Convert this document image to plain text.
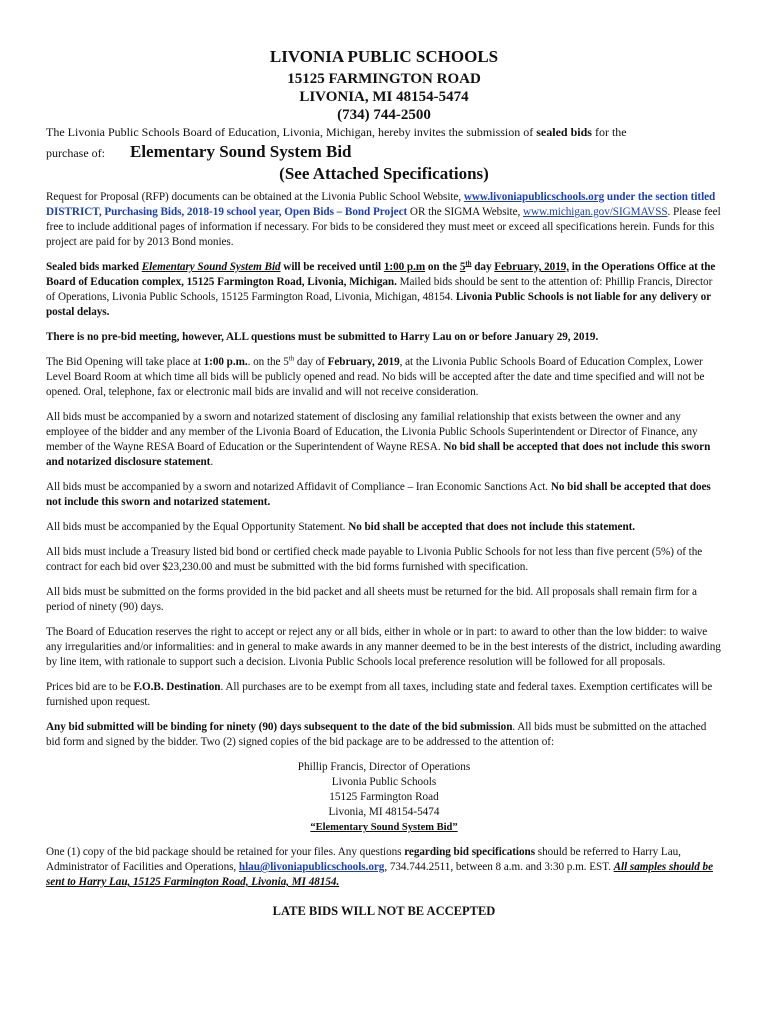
LIVONIA PUBLIC SCHOOLS
15125 FARMINGTON ROAD
LIVONIA, MI 48154-5474
(734) 744-2500

The Livonia Public Schools Board of Education, Livonia, Michigan, hereby invites the submission of sealed bids for the

purchase of:	Elementary Sound System Bid
(See Attached Specifications)

Request for Proposal (RFP) documents can be obtained at the Livonia Public School Website, www.livoniapublicschools.org under the section titled DISTRICT, Purchasing Bids, 2018-19 school year, Open Bids – Bond Project OR the SIGMA Website, www.michigan.gov/SIGMAVSS. Please feel free to include additional pages of information if necessary. For bids to be considered they must meet or exceed all specifications herein. Funds for this project are paid for by 2013 Bond monies.

Sealed bids marked Elementary Sound System Bid will be received until 1:00 p.m on the 5th day February, 2019, in the Operations Office at the Board of Education complex, 15125 Farmington Road, Livonia, Michigan. Mailed bids should be sent to the attention of: Phillip Francis, Director of Operations, Livonia Public Schools, 15125 Farmington Road, Livonia, Michigan, 48154. Livonia Public Schools is not liable for any delivery or postal delays.

There is no pre-bid meeting, however, ALL questions must be submitted to Harry Lau on or before January 29, 2019.

The Bid Opening will take place at 1:00 p.m.. on the 5th day of February, 2019, at the Livonia Public Schools Board of Education Complex, Lower Level Board Room at which time all bids will be publicly opened and read. No bids will be accepted after the date and time specified and will not be opened. Oral, telephone, fax or electronic mail bids are invalid and will not receive consideration.

All bids must be accompanied by a sworn and notarized statement of disclosing any familial relationship that exists between the owner and any employee of the bidder and any member of the Livonia Board of Education, the Livonia Public Schools Superintendent or Director of Finance, any member of the Wayne RESA Board of Education or the Superintendent of Wayne RESA. No bid shall be accepted that does not include this sworn and notarized disclosure statement.

All bids must be accompanied by a sworn and notarized Affidavit of Compliance – Iran Economic Sanctions Act. No bid shall be accepted that does not include this sworn and notarized statement.

All bids must be accompanied by the Equal Opportunity Statement. No bid shall be accepted that does not include this statement.

All bids must include a Treasury listed bid bond or certified check made payable to Livonia Public Schools for not less than five percent (5%) of the contract for each bid over $23,230.00 and must be submitted with the bid forms furnished with specification.

All bids must be submitted on the forms provided in the bid packet and all sheets must be returned for the bid. All proposals shall remain firm for a period of ninety (90) days.

The Board of Education reserves the right to accept or reject any or all bids, either in whole or in part: to award to other than the low bidder: to waive any irregularities and/or informalities: and in general to make awards in any manner deemed to be in the best interests of the district, including awarding by line item, with rationale to support such a decision. Livonia Public Schools local preference resolution will be followed for all proposals.

Prices bid are to be F.O.B. Destination. All purchases are to be exempt from all taxes, including state and federal taxes. Exemption certificates will be furnished upon request.

Any bid submitted will be binding for ninety (90) days subsequent to the date of the bid submission. All bids must be submitted on the attached bid form and signed by the bidder. Two (2) signed copies of the bid package are to be addressed to the attention of:

Phillip Francis, Director of Operations
Livonia Public Schools
15125 Farmington Road
Livonia, MI 48154-5474
“Elementary Sound System Bid”

One (1) copy of the bid package should be retained for your files. Any questions regarding bid specifications should be referred to Harry Lau, Administrator of Facilities and Operations, hlau@livoniapublicschools.org, 734.744.2511, between 8 a.m. and 3:30 p.m. EST. All samples should be sent to Harry Lau, 15125 Farmington Road, Livonia, MI 48154.

LATE BIDS WILL NOT BE ACCEPTED
